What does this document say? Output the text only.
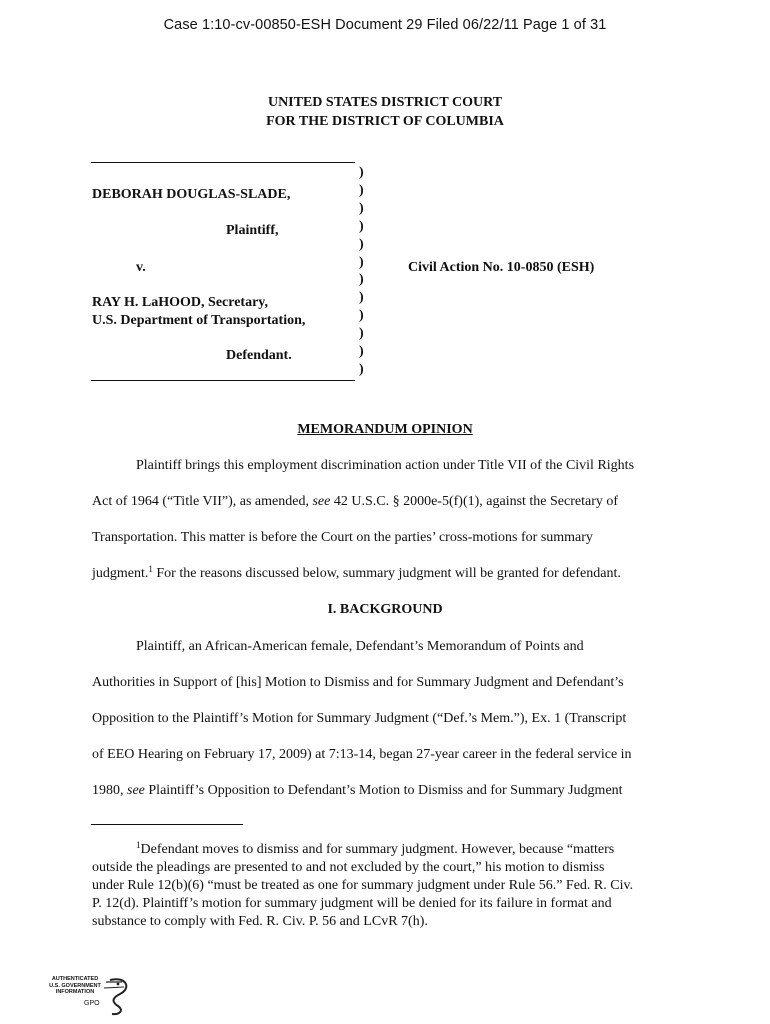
Case 1:10-cv-00850-ESH Document 29 Filed 06/22/11 Page 1 of 31
UNITED STATES DISTRICT COURT
FOR THE DISTRICT OF COLUMBIA
DEBORAH DOUGLAS-SLADE,
Plaintiff,
v.
RAY H. LaHOOD, Secretary,
U.S. Department of Transportation,
Defendant.
)
)
)
)
)
)
)
)
)
)
)
)
Civil Action No. 10-0850 (ESH)
MEMORANDUM OPINION
Plaintiff brings this employment discrimination action under Title VII of the Civil Rights
Act of 1964 (“Title VII”), as amended, see 42 U.S.C. § 2000e-5(f)(1), against the Secretary of
Transportation. This matter is before the Court on the parties’ cross-motions for summary
judgment.$^1$ For the reasons discussed below, summary judgment will be granted for defendant.
I. BACKGROUND
Plaintiff, an African-American female, Defendant’s Memorandum of Points and
Authorities in Support of [his] Motion to Dismiss and for Summary Judgment and Defendant’s
Opposition to the Plaintiff’s Motion for Summary Judgment (“Def.’s Mem.”), Ex. 1 (Transcript
of EEO Hearing on February 17, 2009) at 7:13-14, began 27-year career in the federal service in
1980, see Plaintiff’s Opposition to Defendant’s Motion to Dismiss and for Summary Judgment
$^1$Defendant moves to dismiss and for summary judgment. However, because “matters
outside the pleadings are presented to and not excluded by the court,” his motion to dismiss
under Rule 12(b)(6) “must be treated as one for summary judgment under Rule 56.” Fed. R. Civ.
P. 12(d). Plaintiff’s motion for summary judgment will be denied for its failure in format and
substance to comply with Fed. R. Civ. P. 56 and LCvR 7(h).
AUTHENTICATED
U.S. GOVERNMENT
INFORMATION
GPO
